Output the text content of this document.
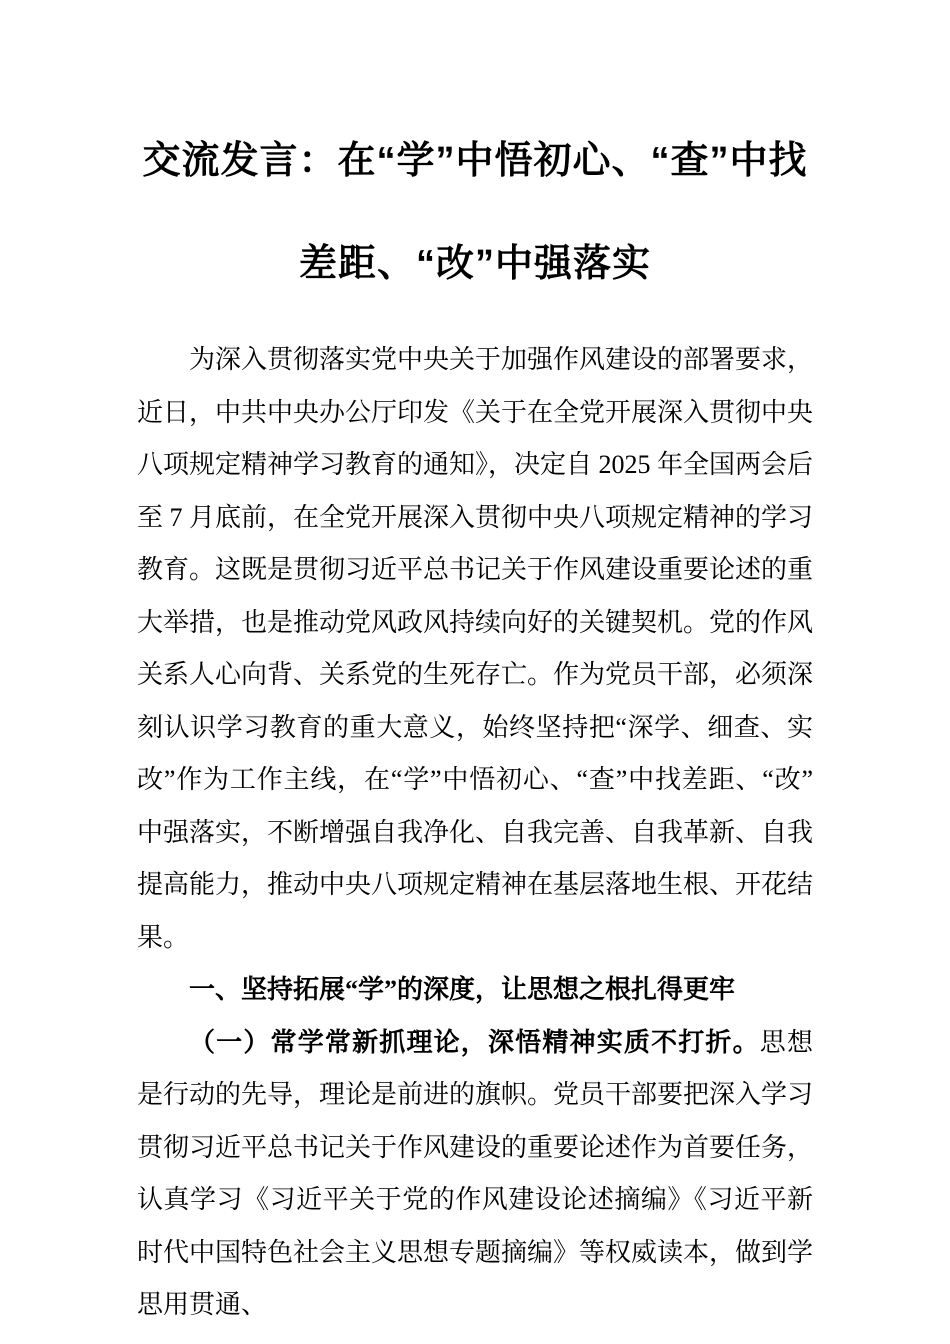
交流发言：在“学”中悟初心、“查”中找
差距、“改”中强落实

为深入贯彻落实党中央关于加强作风建设的部署要求，近日，中共中央办公厅印发《关于在全党开展深入贯彻中央八项规定精神学习教育的通知》，决定自 2025 年全国两会后至 7 月底前，在全党开展深入贯彻中央八项规定精神的学习教育。这既是贯彻习近平总书记关于作风建设重要论述的重大举措，也是推动党风政风持续向好的关键契机。党的作风关系人心向背、关系党的生死存亡。作为党员干部，必须深刻认识学习教育的重大意义，始终坚持把“深学、细查、实改”作为工作主线，在“学”中悟初心、“查”中找差距、“改”中强落实，不断增强自我净化、自我完善、自我革新、自我提高能力，推动中央八项规定精神在基层落地生根、开花结果。

一、坚持拓展“学”的深度，让思想之根扎得更牢

（一）常学常新抓理论，深悟精神实质不打折。思想是行动的先导，理论是前进的旗帜。党员干部要把深入学习贯彻习近平总书记关于作风建设的重要论述作为首要任务，认真学习《习近平关于党的作风建设论述摘编》《习近平新时代中国特色社会主义思想专题摘编》等权威读本，做到学思用贯通、
